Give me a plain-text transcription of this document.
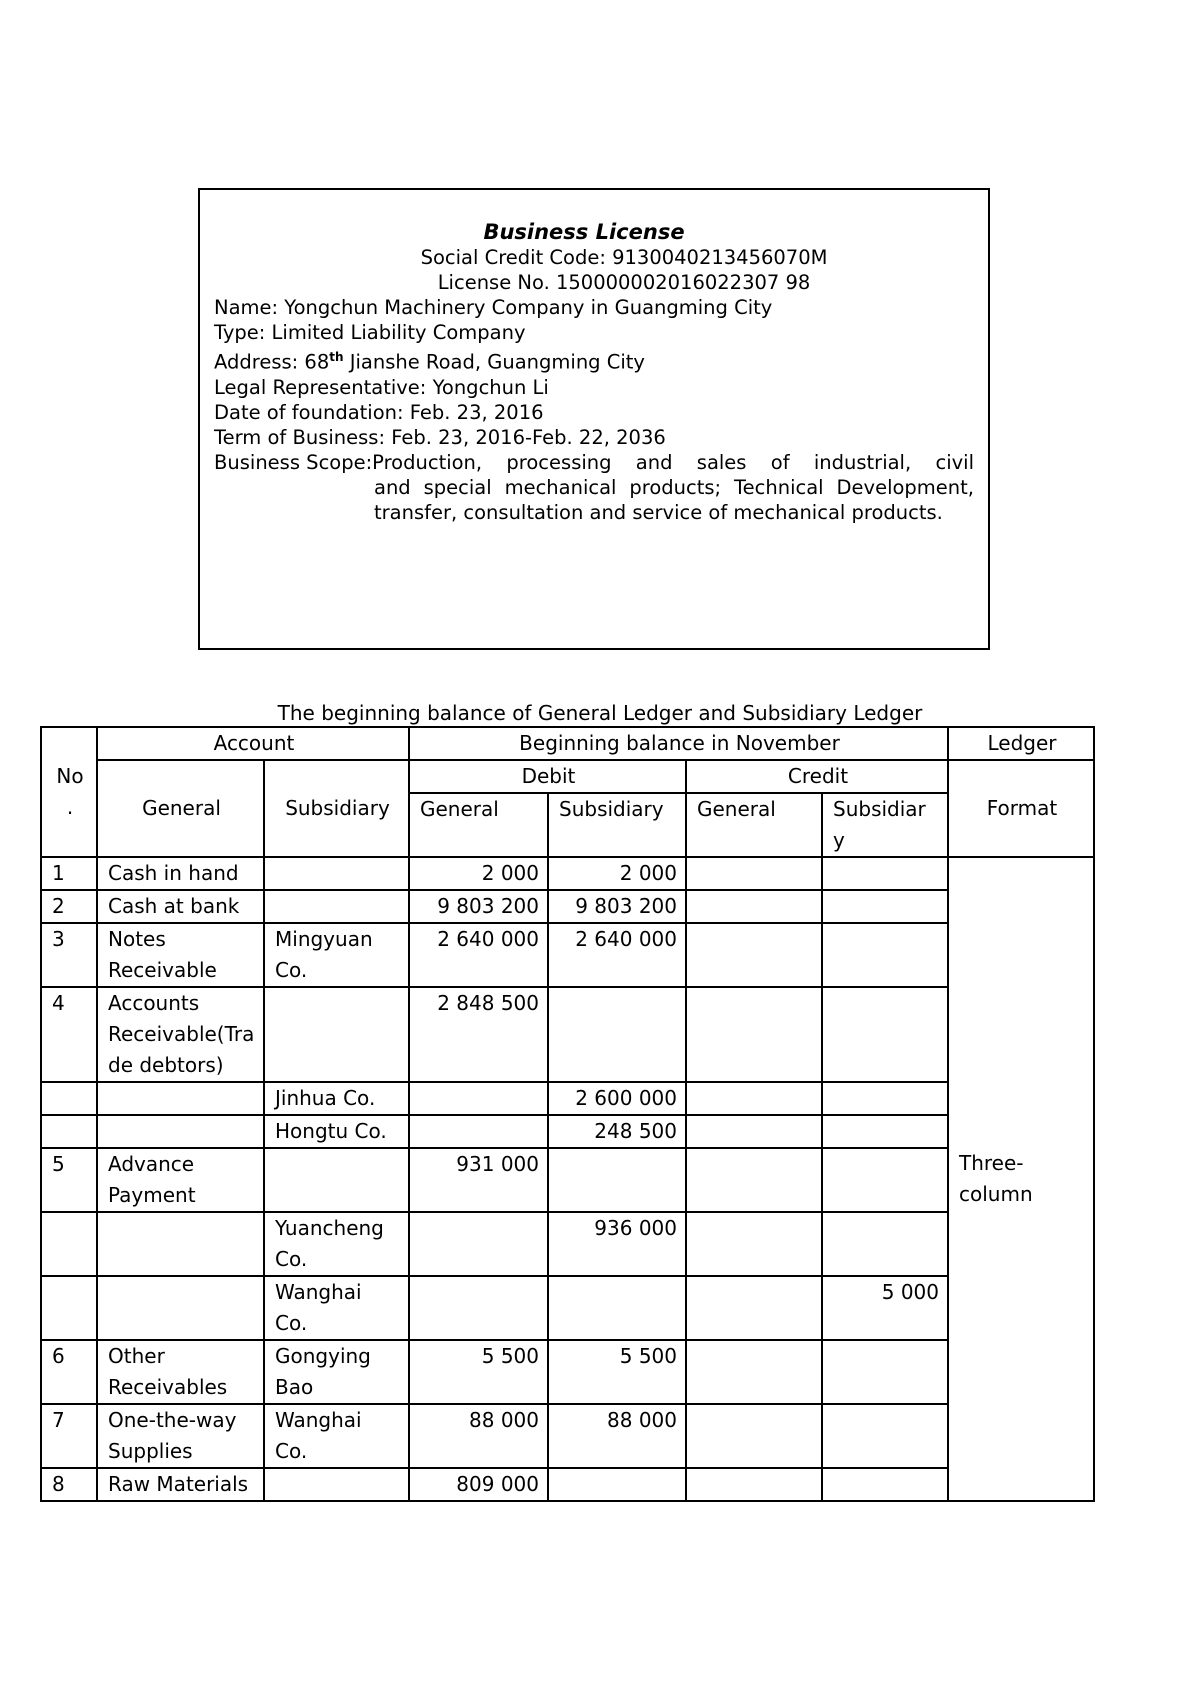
Business License
Social Credit Code: 9130040213456070M
License No. 150000002016022307 98
Name: Yongchun Machinery Company in Guangming City
Type: Limited Liability Company
Address: 68th Jianshe Road, Guangming City
Legal Representative: Yongchun Li
Date of foundation: Feb. 23, 2016
Term of Business: Feb. 23, 2016-Feb. 22, 2036
Business Scope: Production, processing and sales of industrial, civil
and special mechanical products; Technical Development, transfer, consultation and service of mechanical products.
The beginning balance of General Ledger and Subsidiary Ledger
No
.	Account		Beginning balance in November				Ledger
	General	Subsidiary	Debit		Credit		Format
			General	Subsidiary	General	Subsidiar y	
1	Cash in hand		2 000	2 000			Three-column
2	Cash at bank		9 803 200	9 803 200			
3	Notes Receivable	Mingyuan Co.	2 640 000	2 640 000			
4	Accounts Receivable(Trade debtors)		2 848 500				
		Jinhua Co.		2 600 000			
		Hongtu Co.		248 500			
5	Advance Payment		931 000				
		Yuancheng Co.		936 000			
		Wanghai Co.				5 000	
6	Other Receivables	Gongying Bao	5 500	5 500			
7	One-the-way Supplies	Wanghai Co.	88 000	88 000			
8	Raw Materials		809 000				
